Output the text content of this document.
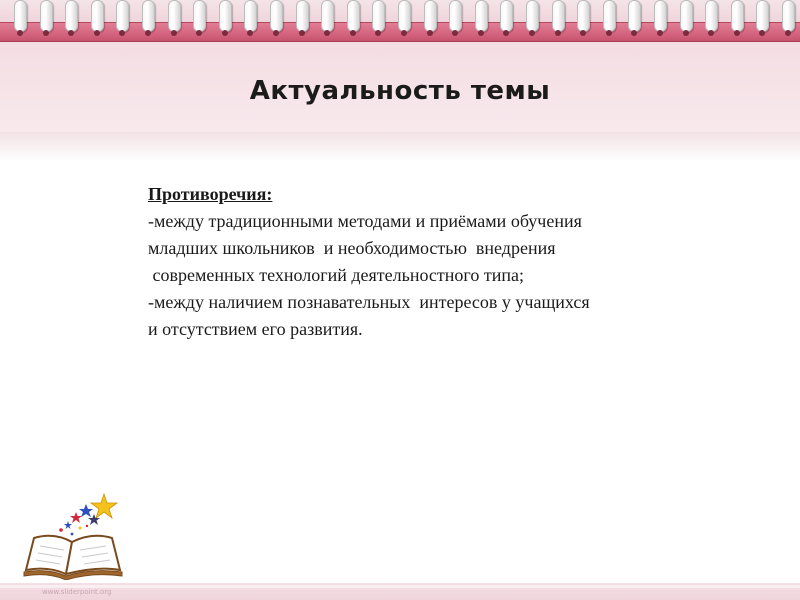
Актуальность темы
Противоречия:
-между традиционными методами и приёмами обучения
младших школьников  и необходимостью  внедрения
современных технологий деятельностного типа;
-между наличием познавательных  интересов у учащихся
и отсутствием его развития.
www.sliderpoint.org
